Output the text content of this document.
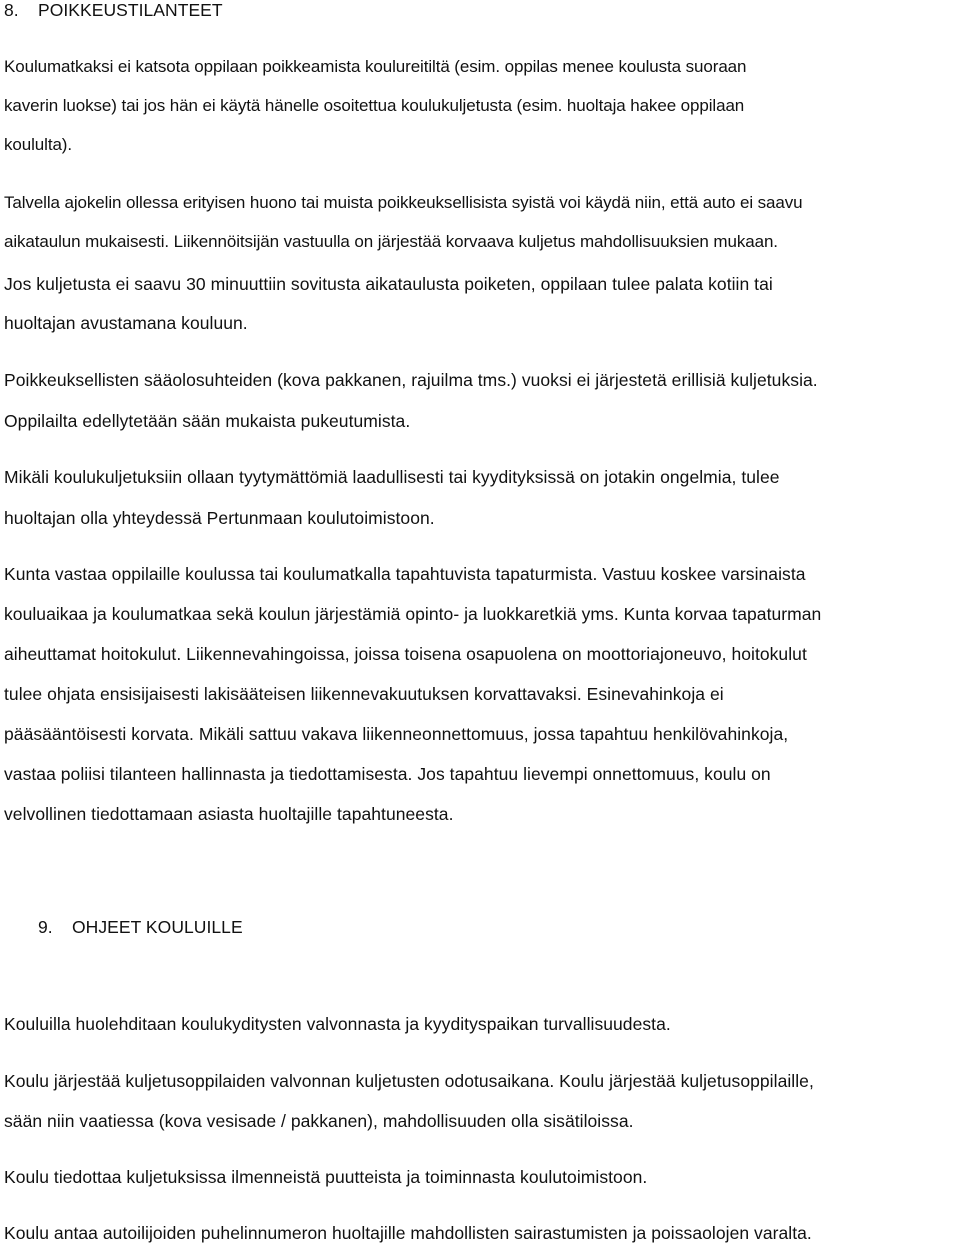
8. POIKKEUSTILANTEET
Koulumatkaksi ei katsota oppilaan poikkeamista koulureitiltä (esim. oppilas menee koulusta suoraan
kaverin luokse) tai jos hän ei käytä hänelle osoitettua koulukuljetusta (esim. huoltaja hakee oppilaan
koululta).
Talvella ajokelin ollessa erityisen huono tai muista poikkeuksellisista syistä voi käydä niin, että auto ei saavu
aikataulun mukaisesti. Liikennöitsijän vastuulla on järjestää korvaava kuljetus mahdollisuuksien mukaan.
Jos kuljetusta ei saavu 30 minuuttiin sovitusta aikataulusta poiketen, oppilaan tulee palata kotiin tai
huoltajan avustamana kouluun.
Poikkeuksellisten sääolosuhteiden (kova pakkanen, rajuilma tms.) vuoksi ei järjestetä erillisiä kuljetuksia.
Oppilailta edellytetään sään mukaista pukeutumista.
Mikäli koulukuljetuksiin ollaan tyytymättömiä laadullisesti tai kyydityksissä on jotakin ongelmia, tulee
huoltajan olla yhteydessä Pertunmaan koulutoimistoon.
Kunta vastaa oppilaille koulussa tai koulumatkalla tapahtuvista tapaturmista. Vastuu koskee varsinaista
kouluaikaa ja koulumatkaa sekä koulun järjestämiä opinto- ja luokkaretkiä yms. Kunta korvaa tapaturman
aiheuttamat hoitokulut. Liikennevahingoissa, joissa toisena osapuolena on moottoriajoneuvo, hoitokulut
tulee ohjata ensisijaisesti lakisääteisen liikennevakuutuksen korvattavaksi. Esinevahinkoja ei
pääsääntöisesti korvata. Mikäli sattuu vakava liikenneonnettomuus, jossa tapahtuu henkilövahinkoja,
vastaa poliisi tilanteen hallinnasta ja tiedottamisesta. Jos tapahtuu lievempi onnettomuus, koulu on
velvollinen tiedottamaan asiasta huoltajille tapahtuneesta.
9. OHJEET KOULUILLE
Kouluilla huolehditaan koulukyditysten valvonnasta ja kyydityspaikan turvallisuudesta.
Koulu järjestää kuljetusoppilaiden valvonnan kuljetusten odotusaikana. Koulu järjestää kuljetusoppilaille,
sään niin vaatiessa (kova vesisade / pakkanen), mahdollisuuden olla sisätiloissa.
Koulu tiedottaa kuljetuksissa ilmenneistä puutteista ja toiminnasta koulutoimistoon.
Koulu antaa autoilijoiden puhelinnumeron huoltajille mahdollisten sairastumisten ja poissaolojen varalta.
